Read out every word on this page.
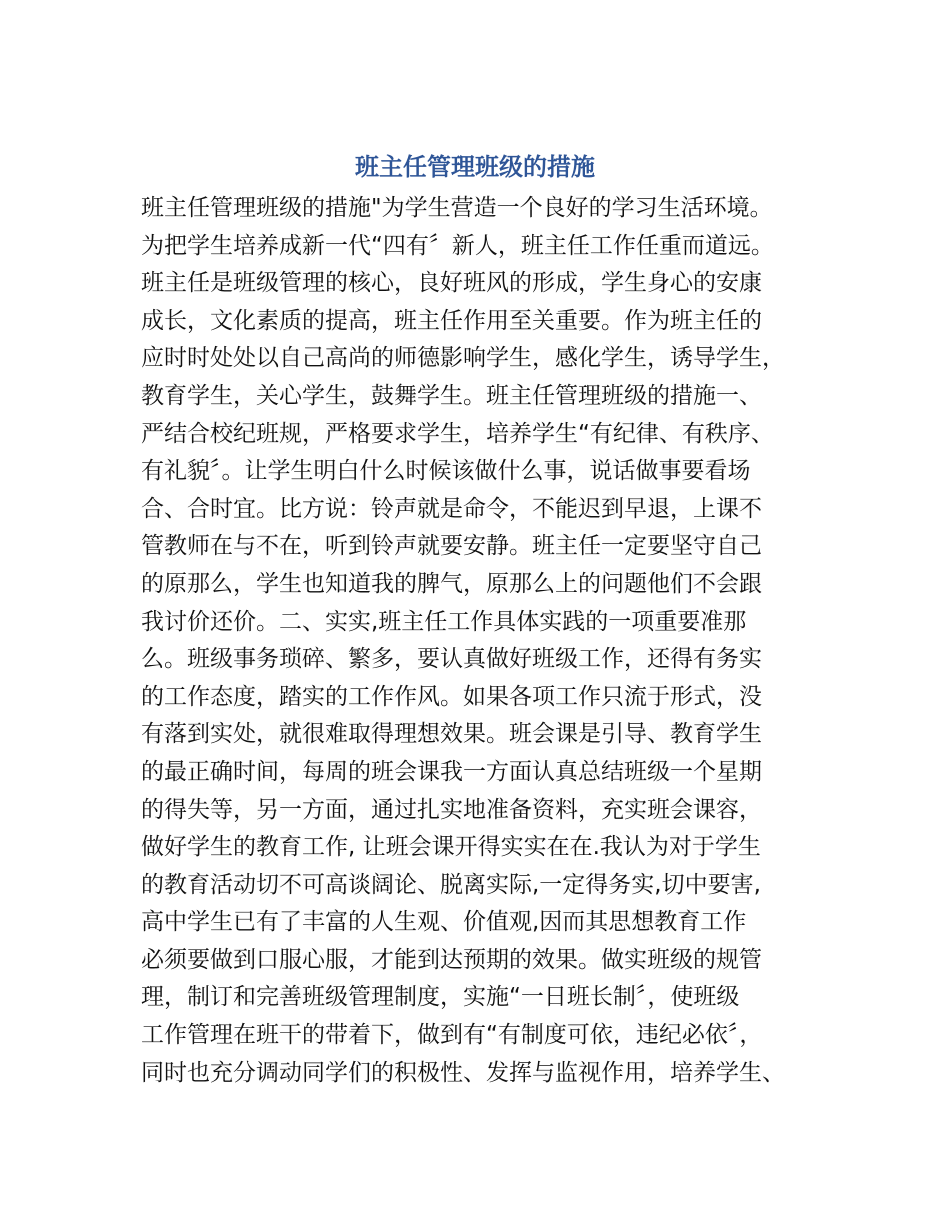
班主任管理班级的措施
班主任管理班级的措施"为学生营造一个良好的学习生活环境。
为把学生培养成新一代“四有〞新人，班主任工作任重而道远。
班主任是班级管理的核心，良好班风的形成，学生身心的安康
成长，文化素质的提高，班主任作用至关重要。作为班主任的
应时时处处以自己高尚的师德影响学生，感化学生，诱导学生，
教育学生，关心学生，鼓舞学生。班主任管理班级的措施一、
严结合校纪班规，严格要求学生，培养学生“有纪律、有秩序、
有礼貌〞。让学生明白什么时候该做什么事，说话做事要看场
合、合时宜。比方说：铃声就是命令，不能迟到早退，上课不
管教师在与不在，听到铃声就要安静。班主任一定要坚守自己
的原那么，学生也知道我的脾气，原那么上的问题他们不会跟
我讨价还价。二、实实,班主任工作具体实践的一项重要准那
么。班级事务琐碎、繁多，要认真做好班级工作，还得有务实
的工作态度，踏实的工作作风。如果各项工作只流于形式，没
有落到实处，就很难取得理想效果。班会课是引导、教育学生
的最正确时间，每周的班会课我一方面认真总结班级一个星期
的得失等，另一方面，通过扎实地准备资料，充实班会课容，
做好学生的教育工作, 让班会课开得实实在在.我认为对于学生
的教育活动切不可高谈阔论、脱离实际,一定得务实,切中要害,
高中学生已有了丰富的人生观、价值观,因而其思想教育工作
必须要做到口服心服，才能到达预期的效果。做实班级的规管
理，制订和完善班级管理制度，实施“一日班长制〞，使班级
工作管理在班干的带着下，做到有“有制度可依，违纪必依〞，
同时也充分调动同学们的积极性、发挥与监视作用，培养学生、
